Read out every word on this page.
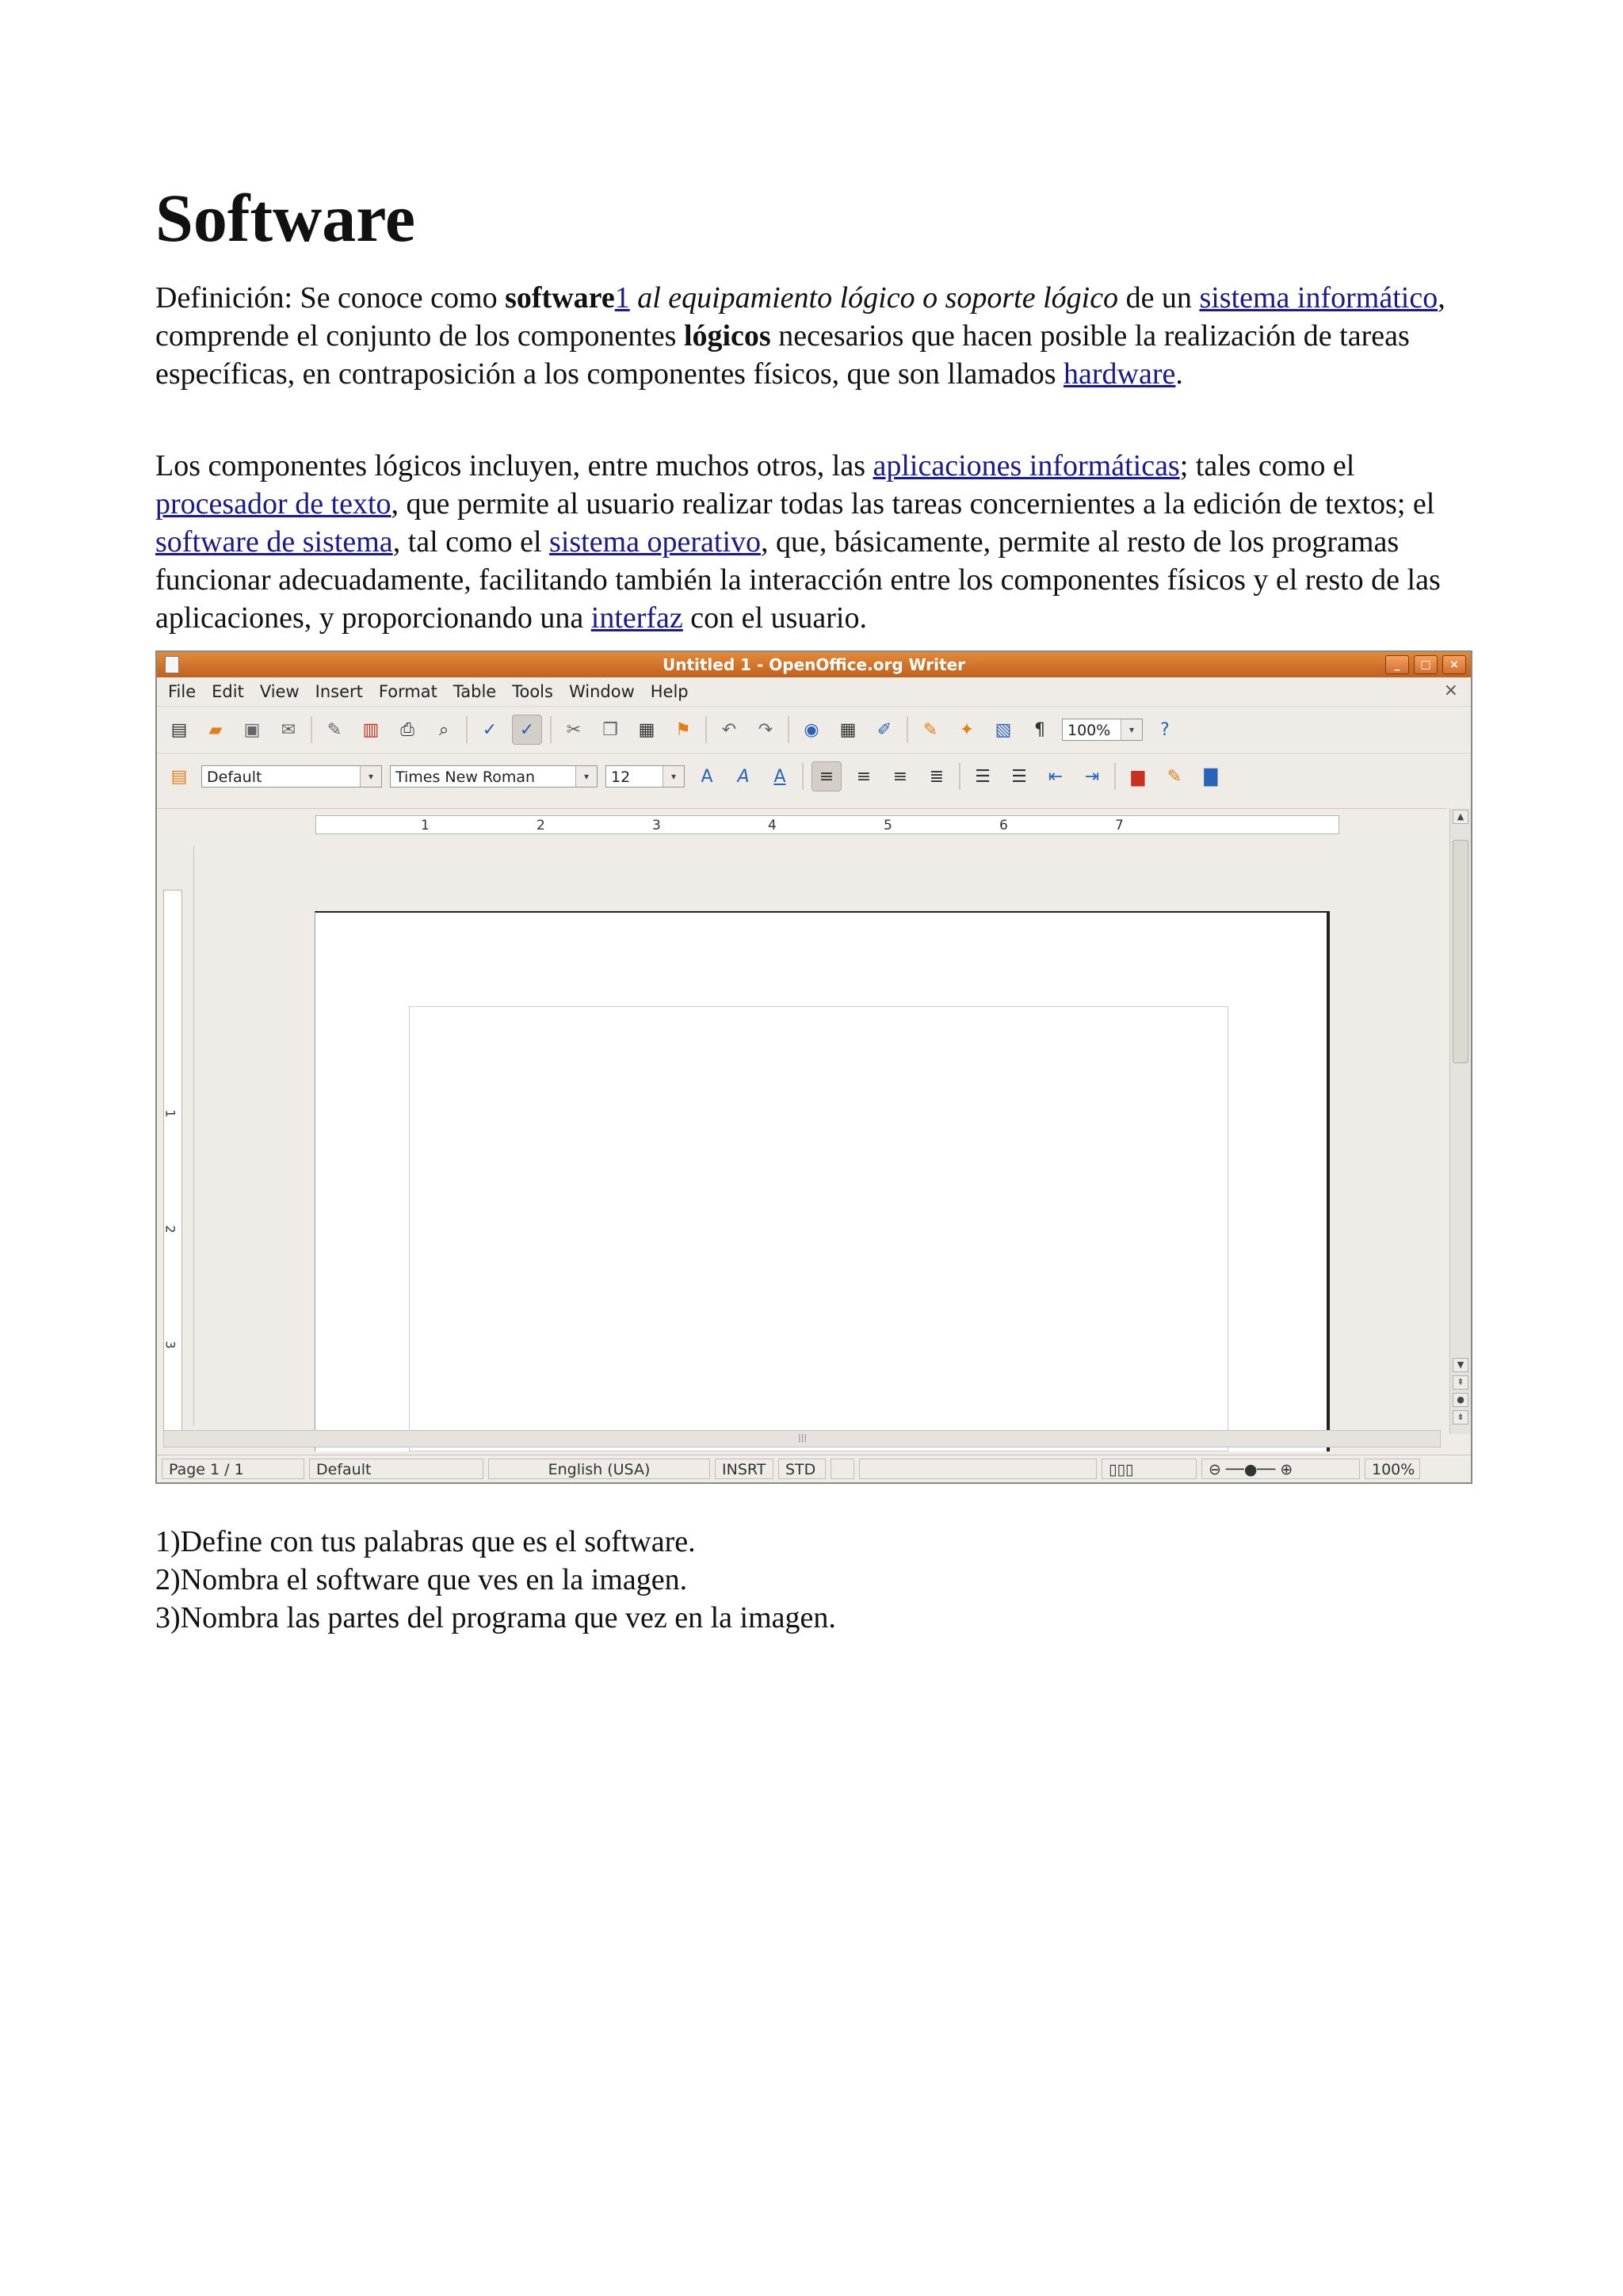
Software

Definición: Se conoce como software1 al equipamiento lógico o soporte lógico de un sistema informático, comprende el conjunto de los componentes lógicos necesarios que hacen posible la realización de tareas específicas, en contraposición a los componentes físicos, que son llamados hardware.

Los componentes lógicos incluyen, entre muchos otros, las aplicaciones informáticas; tales como el procesador de texto, que permite al usuario realizar todas las tareas concernientes a la edición de textos; el software de sistema, tal como el sistema operativo, que, básicamente, permite al resto de los programas funcionar adecuadamente, facilitando también la interacción entre los componentes físicos y el resto de las aplicaciones, y proporcionando una interfaz con el usuario.

1)Define con tus palabras que es el software.
2)Nombra el software que ves en la imagen.
3)Nombra las partes del programa que vez en la imagen.
Untitled 1 - OpenOffice.org Writer	_	□	×
File Edit View Insert Format Table Tools Window Help	×
▤	▰	▣	✉	✎	▥	⎙	⌕	✓	✓	✂	❐	▦	⚑	↶	↷	◉	▦	✐	✎	✦	▧	¶	100%	▾	?
▤	Default	▾	Times New Roman	▾	12	▾	A	A A	≡	≡	≡	≣	☰	☰	⇤	⇥	▆	✎	▇
1	2	3	4	5	6	7
1
2
3
▲
▼
⇞
●
⇟
|||
Page 1 / 1	Default	English (USA)	INSRT	STD	▯▯▯	⊖ ──●── ⊕	100%
